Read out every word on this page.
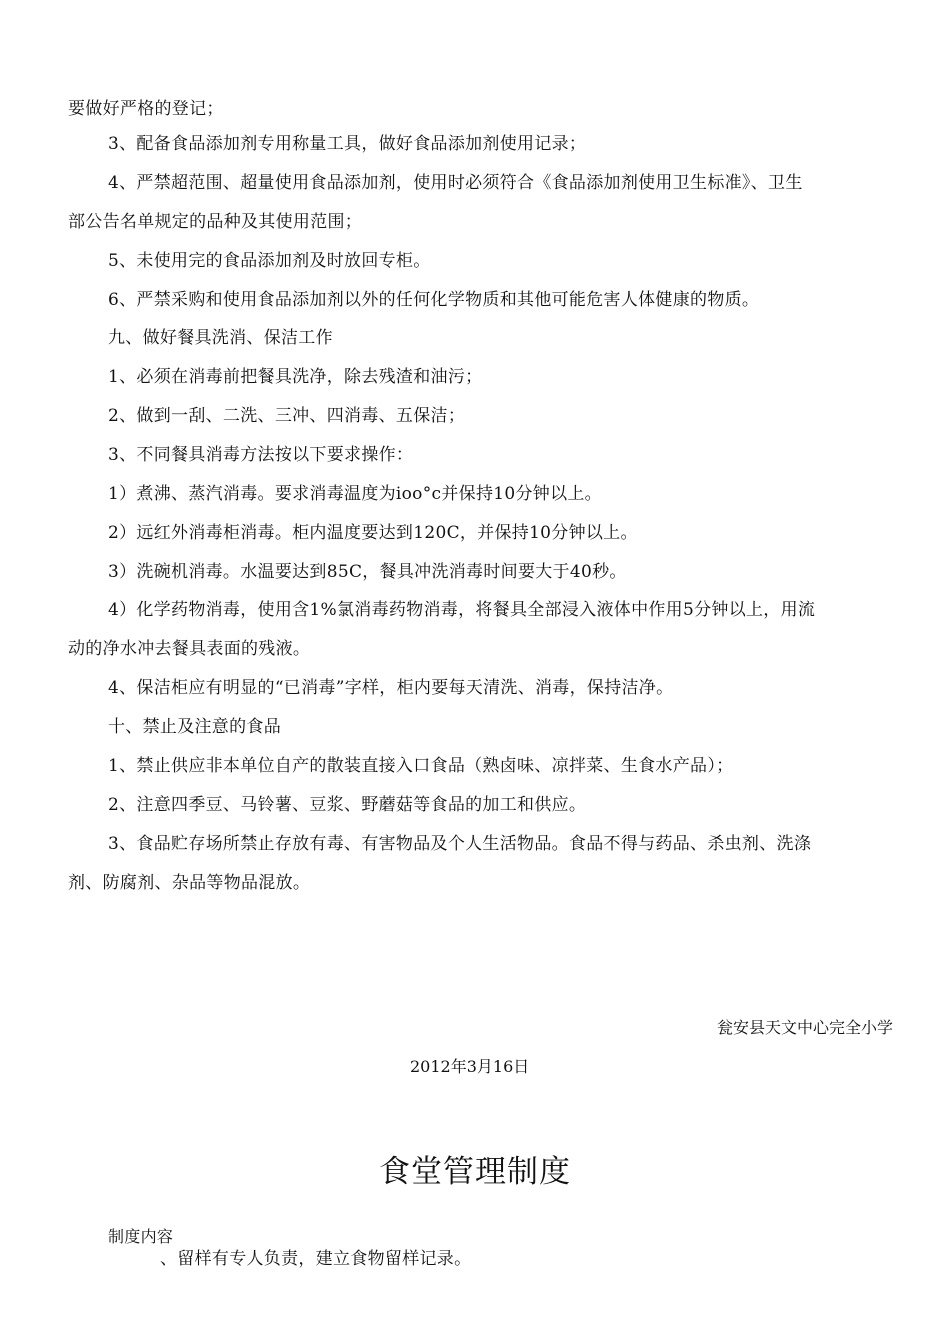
要做好严格的登记；
3、配备食品添加剂专用称量工具，做好食品添加剂使用记录；
4、严禁超范围、超量使用食品添加剂，使用时必须符合《食品添加剂使用卫生标准》、卫生
部公告名单规定的品种及其使用范围；
5、未使用完的食品添加剂及时放回专柜。
6、严禁采购和使用食品添加剂以外的任何化学物质和其他可能危害人体健康的物质。
九、做好餐具洗消、保洁工作
1、必须在消毒前把餐具洗净，除去残渣和油污；
2、做到一刮、二洗、三冲、四消毒、五保洁；
3、不同餐具消毒方法按以下要求操作：
1）煮沸、蒸汽消毒。要求消毒温度为ioo°c并保持10分钟以上。
2）远红外消毒柜消毒。柜内温度要达到120C，并保持10分钟以上。
3）洗碗机消毒。水温要达到85C，餐具冲洗消毒时间要大于40秒。
4）化学药物消毒，使用含1%氯消毒药物消毒，将餐具全部浸入液体中作用5分钟以上，用流
动的净水冲去餐具表面的残液。
4、保洁柜应有明显的“已消毒”字样，柜内要每天清洗、消毒，保持洁净。
十、禁止及注意的食品
1、禁止供应非本单位自产的散装直接入口食品（熟卤味、凉拌菜、生食水产品）；
2、注意四季豆、马铃薯、豆浆、野蘑菇等食品的加工和供应。
3、食品贮存场所禁止存放有毒、有害物品及个人生活物品。食品不得与药品、杀虫剂、洗涤
剂、防腐剂、杂品等物品混放。
瓮安县天文中心完全小学
2012年3月16日
食堂管理制度
制度内容
、留样有专人负责，建立食物留样记录。
